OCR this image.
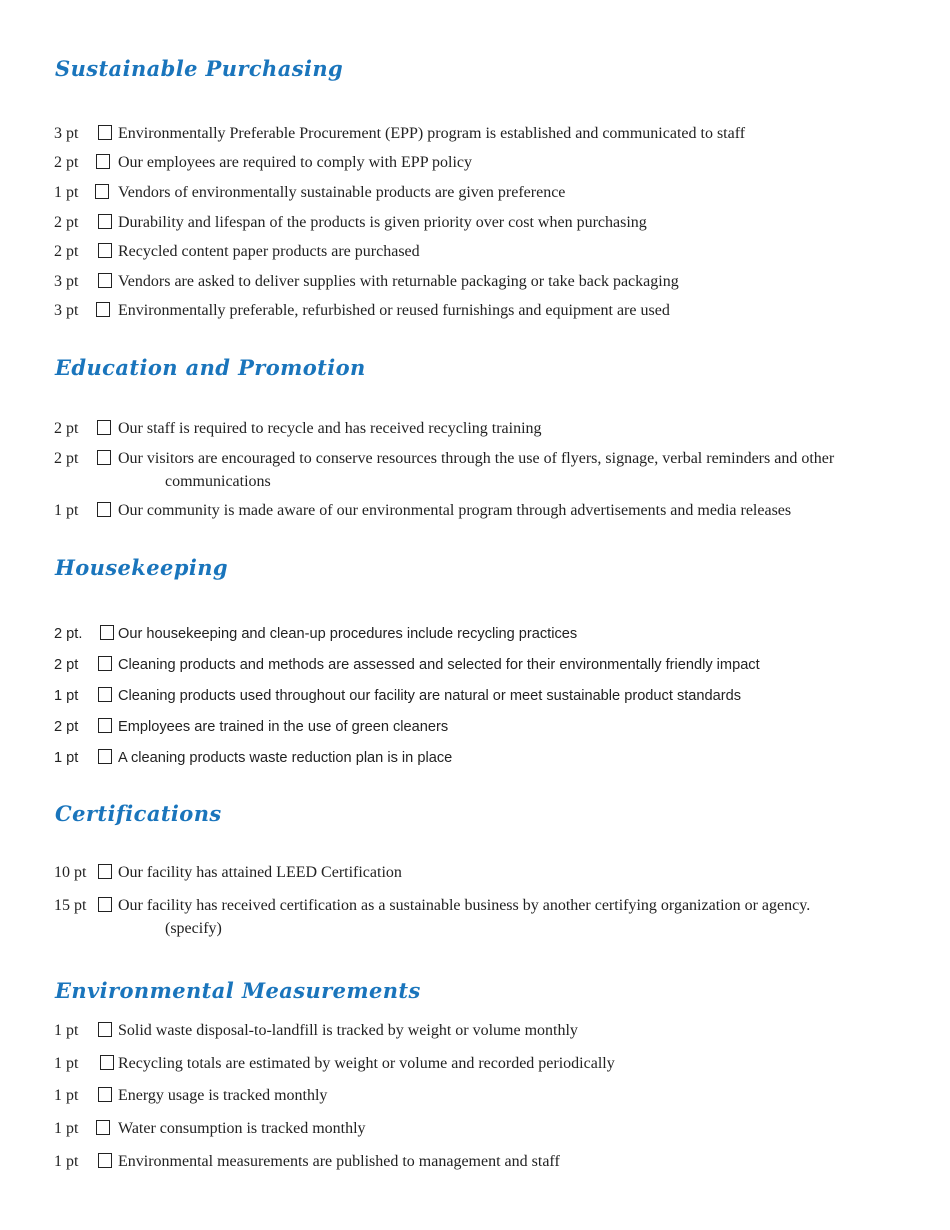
Sustainable Purchasing
3 pt Environmentally Preferable Procurement (EPP) program is established and communicated to staff
2 pt Our employees are required to comply with EPP policy
1 pt Vendors of environmentally sustainable products are given preference
2 pt Durability and lifespan of the products is given priority over cost when purchasing
2 pt Recycled content paper products are purchased
3 pt Vendors are asked to deliver supplies with returnable packaging or take back packaging
3 pt Environmentally preferable, refurbished or reused furnishings and equipment are used
Education and Promotion
2 pt Our staff is required to recycle and has received recycling training
2 pt Our visitors are encouraged to conserve resources through the use of flyers, signage, verbal reminders and other
communications
1 pt Our community is made aware of our environmental program through advertisements and media releases
Housekeeping
2 pt. Our housekeeping and clean-up procedures include recycling practices
2 pt	Cleaning products and methods are assessed and selected for their environmentally friendly impact
1 pt	Cleaning products used throughout our facility are natural or meet sustainable product standards
2 pt	Employees are trained in the use of green cleaners
1 pt	A cleaning products waste reduction plan is in place
Certifications
10 pt Our facility has attained LEED Certification
15 pt Our facility has received certification as a sustainable business by another certifying organization or agency.
(specify)
Environmental Measurements
1 pt Solid waste disposal-to-landfill is tracked by weight or volume monthly
1 pt Recycling totals are estimated by weight or volume and recorded periodically
1 pt Energy usage is tracked monthly
1 pt Water consumption is tracked monthly
1 pt Environmental measurements are published to management and staff
